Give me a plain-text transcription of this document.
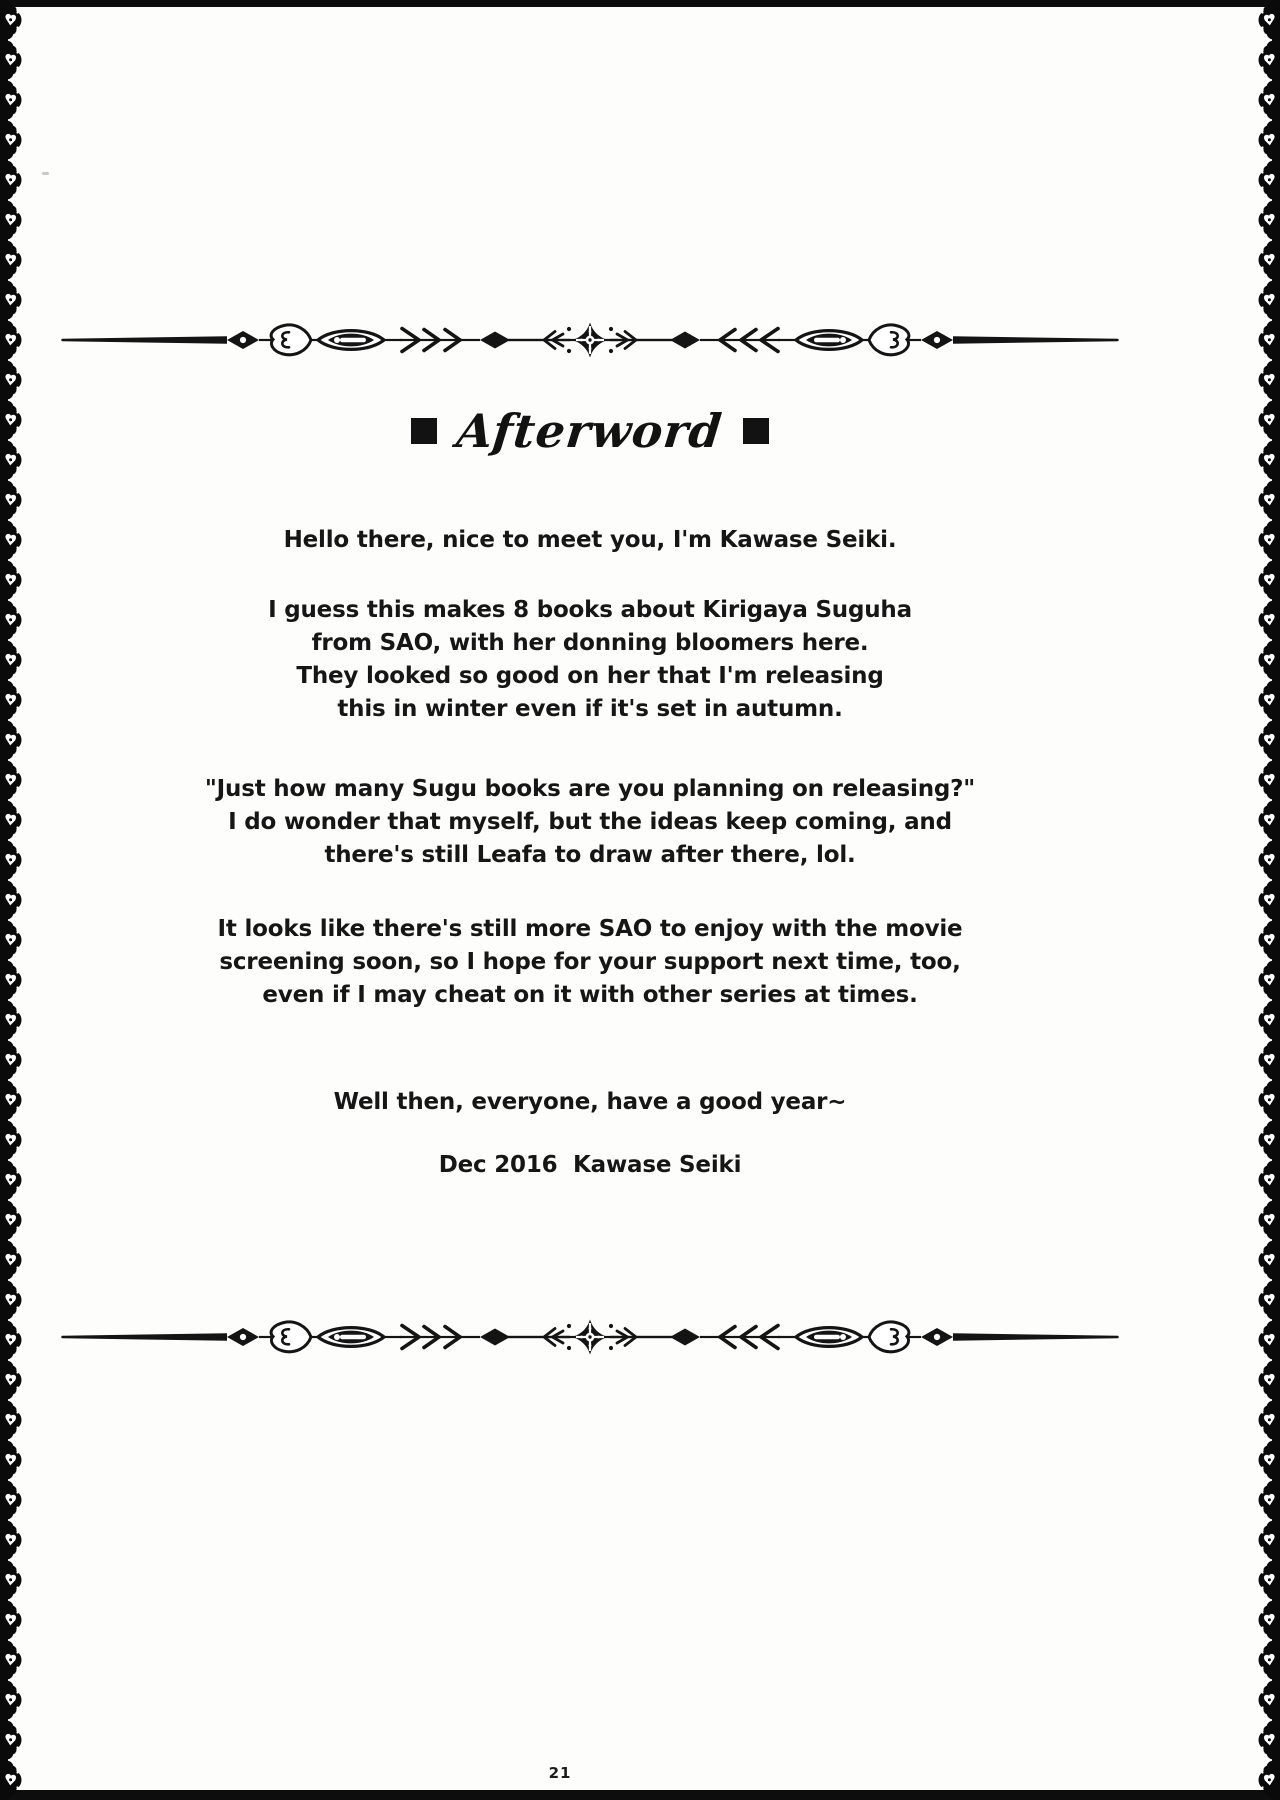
Afterword
Hello there, nice to meet you, I'm Kawase Seiki.
I guess this makes 8 books about Kirigaya Suguha
from SAO, with her donning bloomers here.
They looked so good on her that I'm releasing
this in winter even if it's set in autumn.
"Just how many Sugu books are you planning on releasing?"
I do wonder that myself, but the ideas keep coming, and
there's still Leafa to draw after there, lol.
It looks like there's still more SAO to enjoy with the movie
screening soon, so I hope for your support next time, too,
even if I may cheat on it with other series at times.
Well then, everyone, have a good year~
Dec 2016  Kawase Seiki
21
